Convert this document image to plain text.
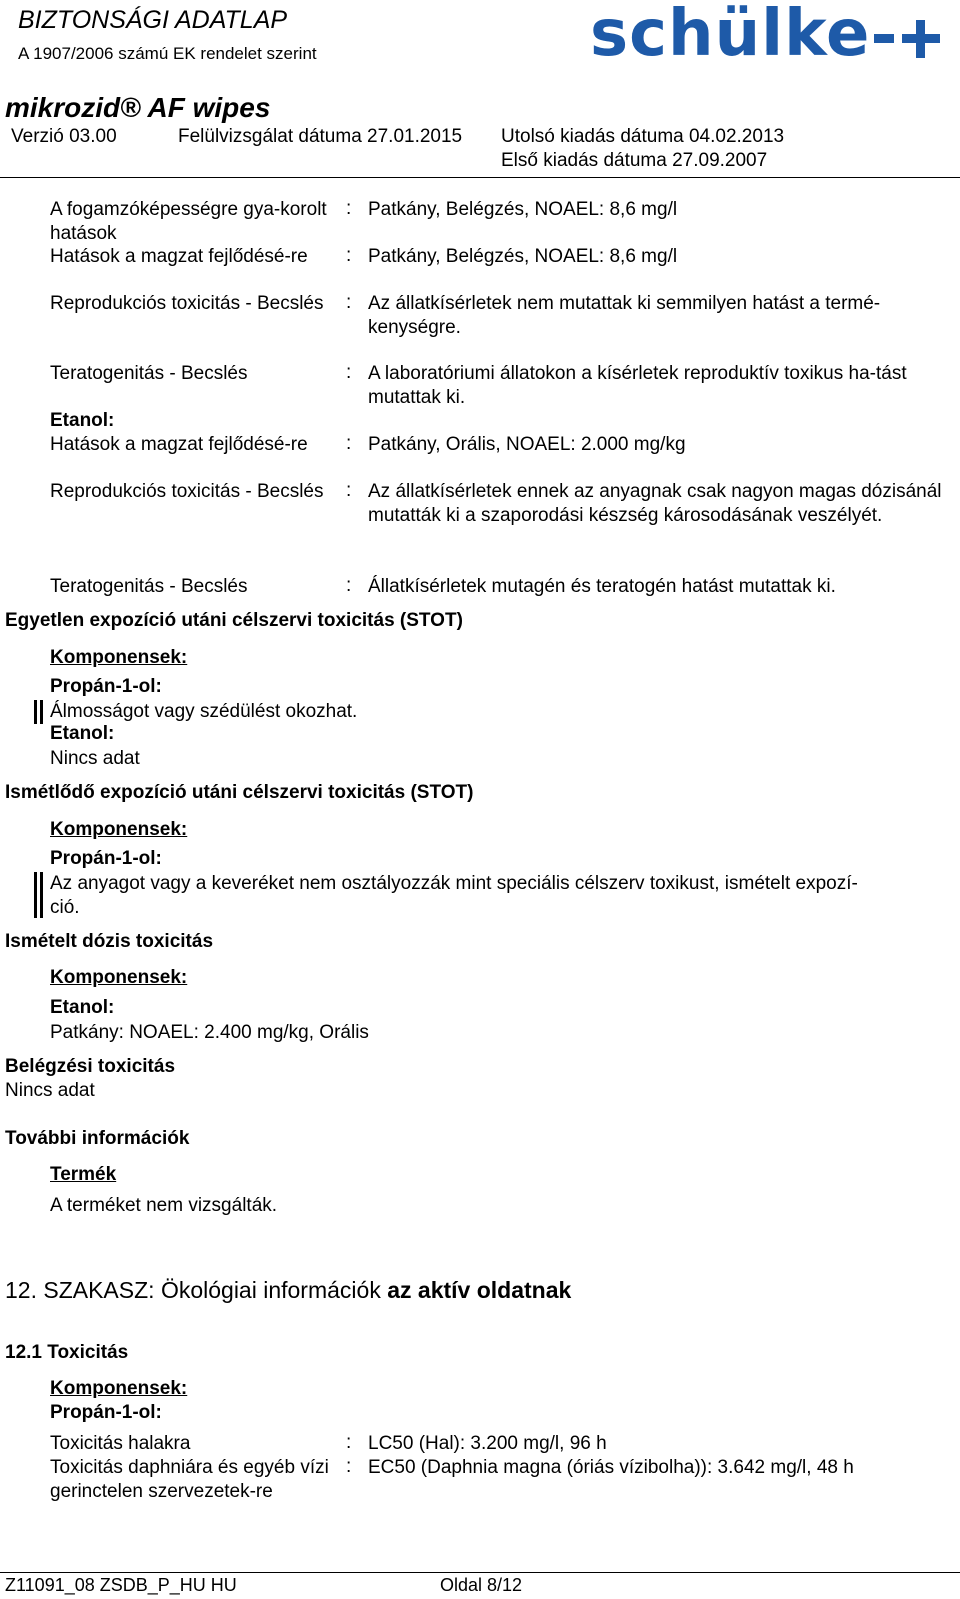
BIZTONSÁGI ADATLAP
A 1907/2006 számú EK rendelet szerint	schülke
mikrozid® AF wipes
Verzió 03.00	Felülvizsgálat dátuma 27.01.2015 Utolsó kiadás dátuma 04.02.2013
Első kiadás dátuma 27.09.2007
A fogamzóképességre gya-korolt hatások
: Patkány, Belégzés, NOAEL: 8,6 mg/l
Hatások a magzat fejlődésé-re	: Patkány, Belégzés, NOAEL: 8,6 mg/l
Reprodukciós toxicitás - Becslés	: Az állatkísérletek nem mutattak ki semmilyen hatást a termé-kenységre.
Teratogenitás - Becslés	: A laboratóriumi állatokon a kísérletek reproduktív toxikus ha-tást mutattak ki.
Etanol:
Hatások a magzat fejlődésé-re	: Patkány, Orális, NOAEL: 2.000 mg/kg
Reprodukciós toxicitás - Becslés	: Az állatkísérletek ennek az anyagnak csak nagyon magas dózisánál mutatták ki a szaporodási készség károsodásának veszélyét.
Teratogenitás - Becslés	: Állatkísérletek mutagén és teratogén hatást mutattak ki.
Egyetlen expozíció utáni célszervi toxicitás (STOT)
Komponensek:
Propán-1-ol:
Álmosságot vagy szédülést okozhat.
Etanol:
Nincs adat
Ismétlődő expozíció utáni célszervi toxicitás (STOT)
Komponensek:
Propán-1-ol:
Az anyagot vagy a keveréket nem osztályozzák mint speciális célszerv toxikust, ismételt expozí-
ció.
Ismételt dózis toxicitás
Komponensek:
Etanol:
Patkány: NOAEL: 2.400 mg/kg, Orális
Belégzési toxicitás
Nincs adat
További információk
Termék
A terméket nem vizsgálták.
12. SZAKASZ: Ökológiai információk az aktív oldatnak
12.1 Toxicitás
Komponensek:
Propán-1-ol:
Toxicitás halakra	: LC50 (Hal): 3.200 mg/l, 96 h
Toxicitás daphniára és egyéb vízi gerinctelen szervezetek-re
: EC50 (Daphnia magna (óriás vízibolha)): 3.642 mg/l, 48 h
Z11091_08 ZSDB_P_HU HU	Oldal 8/12
